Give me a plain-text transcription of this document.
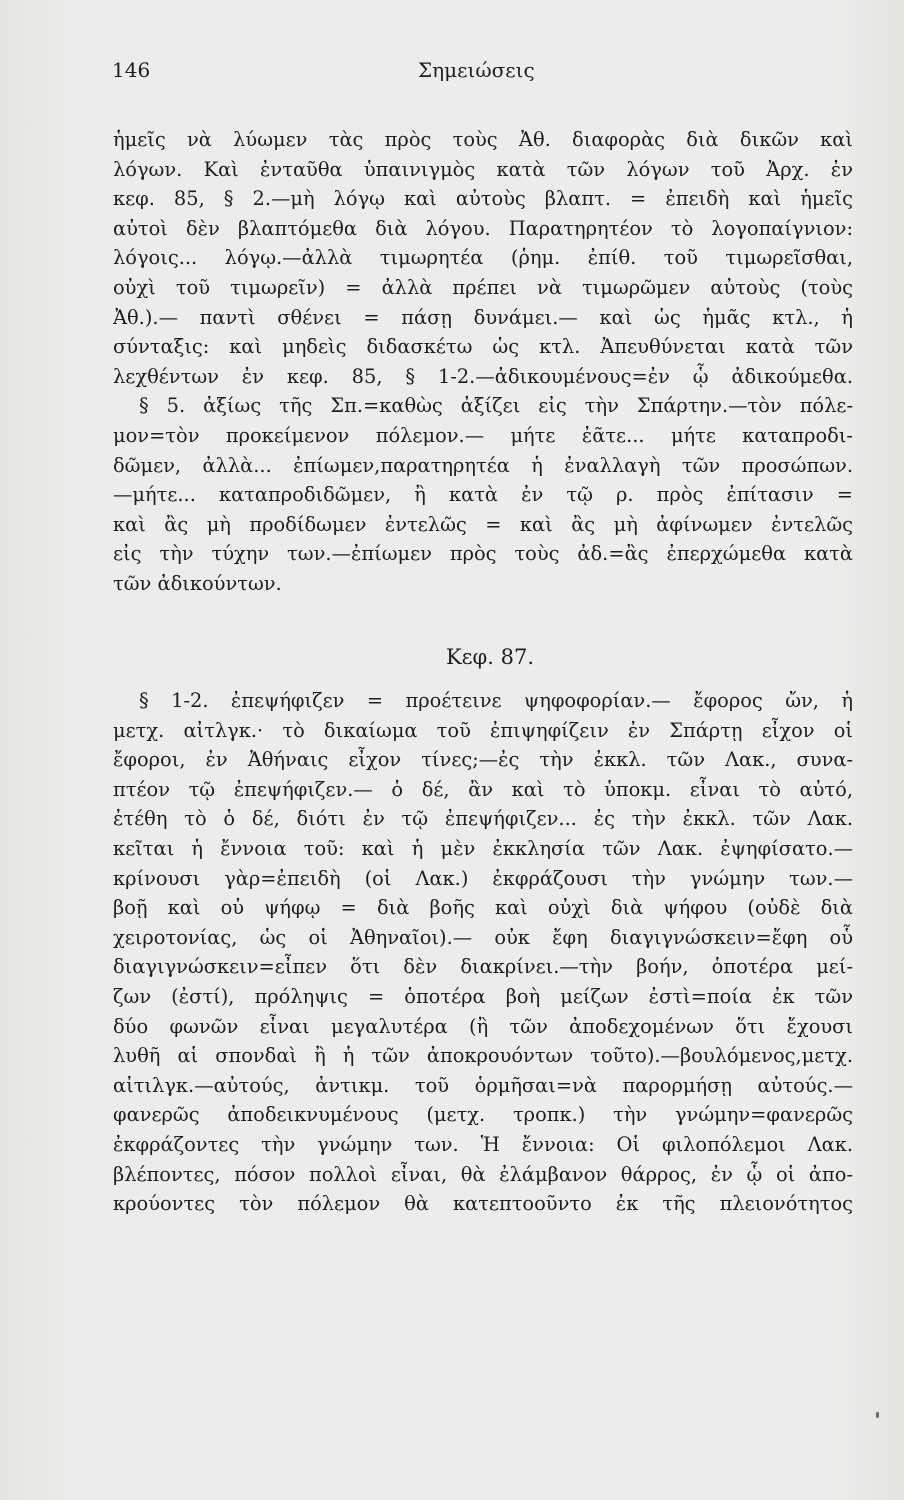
146	Σημειώσεις
ἡμεῖς νὰ λύωμεν τὰς πρὸς τοὺς Ἀθ. διαφορὰς διὰ δικῶν καὶ
λόγων. Καὶ ἐνταῦθα ὑπαινιγμὸς κατὰ τῶν λόγων τοῦ Ἀρχ. ἐν
κεφ. 85, § 2.—μὴ λόγῳ καὶ αὐτοὺς βλαπτ. = ἐπειδὴ καὶ ἡμεῖς
αὐτοὶ δὲν βλαπτόμεθα διὰ λόγου. Παρατηρητέον τὸ λογοπαίγνιον:
λόγοις... λόγῳ.—ἀλλὰ τιμωρητέα (ῥημ. ἐπίθ. τοῦ τιμωρεῖσθαι,
οὐχὶ τοῦ τιμωρεῖν) = ἀλλὰ πρέπει νὰ τιμωρῶμεν αὐτοὺς (τοὺς
Ἀθ.).— παντὶ σθένει = πάσῃ δυνάμει.— καὶ ὡς ἡμᾶς κτλ., ἡ
σύνταξις: καὶ μηδεὶς διδασκέτω ὡς κτλ. Ἀπευθύνεται κατὰ τῶν
λεχθέντων ἐν κεφ. 85, § 1-2.—ἀδικουμένους=ἐν ᾧ ἀδικούμεθα.
§ 5. ἀξίως τῆς Σπ.=καθὼς ἀξίζει εἰς τὴν Σπάρτην.—τὸν πόλε-
μον=τὸν προκείμενον πόλεμον.— μήτε ἐᾶτε... μήτε καταπροδι-
δῶμεν, ἀλλὰ... ἐπίωμεν,παρατηρητέα ἡ ἐναλλαγὴ τῶν προσώπων.
—μήτε... καταπροδιδῶμεν, ἢ κατὰ ἐν τῷ ρ. πρὸς ἐπίτασιν =
καὶ ἂς μὴ προδίδωμεν ἐντελῶς = καὶ ἂς μὴ ἀφίνωμεν ἐντελῶς
εἰς τὴν τύχην των.—ἐπίωμεν πρὸς τοὺς ἀδ.=ἂς ἐπερχώμεθα κατὰ
τῶν ἀδικούντων.
Κεφ. 87.
§ 1-2. ἐπεψήφιζεν = προέτεινε ψηφοφορίαν.— ἔφορος ὤν, ἡ
μετχ. αἰτλγκ.· τὸ δικαίωμα τοῦ ἐπιψηφίζειν ἐν Σπάρτῃ εἶχον οἱ
ἔφοροι, ἐν Ἀθήναις εἶχον τίνες;—ἐς τὴν ἐκκλ. τῶν Λακ., συνα-
πτέον τῷ ἐπεψήφιζεν.— ὁ δέ, ἂν καὶ τὸ ὑποκμ. εἶναι τὸ αὐτό,
ἐτέθη τὸ ὁ δέ, διότι ἐν τῷ ἐπεψήφιζεν... ἐς τὴν ἐκκλ. τῶν Λακ.
κεῖται ἡ ἔννοια τοῦ: καὶ ἡ μὲν ἐκκλησία τῶν Λακ. ἐψηφίσατο.—
κρίνουσι γὰρ=ἐπειδὴ (οἱ Λακ.) ἐκφράζουσι τὴν γνώμην των.—
βοῇ καὶ οὐ ψήφῳ = διὰ βοῆς καὶ οὐχὶ διὰ ψήφου (οὐδὲ διὰ
χειροτονίας, ὡς οἱ Ἀθηναῖοι).— οὐκ ἔφη διαγιγνώσκειν=ἔφη οὗ
διαγιγνώσκειν=εἶπεν ὅτι δὲν διακρίνει.—τὴν βοήν, ὁποτέρα μεί-
ζων (ἐστί), πρόληψις = ὁποτέρα βοὴ μείζων ἐστὶ=ποία ἐκ τῶν
δύο φωνῶν εἶναι μεγαλυτέρα (ἢ τῶν ἀποδεχομένων ὅτι ἔχουσι
λυθῆ αἱ σπονδαὶ ἢ ἡ τῶν ἀποκρουόντων τοῦτο).—βουλόμενος,μετχ.
αἰτιλγκ.—αὐτούς, ἀντικμ. τοῦ ὁρμῆσαι=νὰ παρορμήσῃ αὐτούς.—
φανερῶς ἀποδεικνυμένους (μετχ. τροπκ.) τὴν γνώμην=φανερῶς
ἐκφράζοντες τὴν γνώμην των. Ἡ ἔννοια: Οἱ φιλοπόλεμοι Λακ.
βλέποντες, πόσον πολλοὶ εἶναι, θὰ ἐλάμβανον θάρρος, ἐν ᾧ οἱ ἀπο-
κρούοντες τὸν πόλεμον θὰ κατεπτοοῦντο ἐκ τῆς πλειονότητος
